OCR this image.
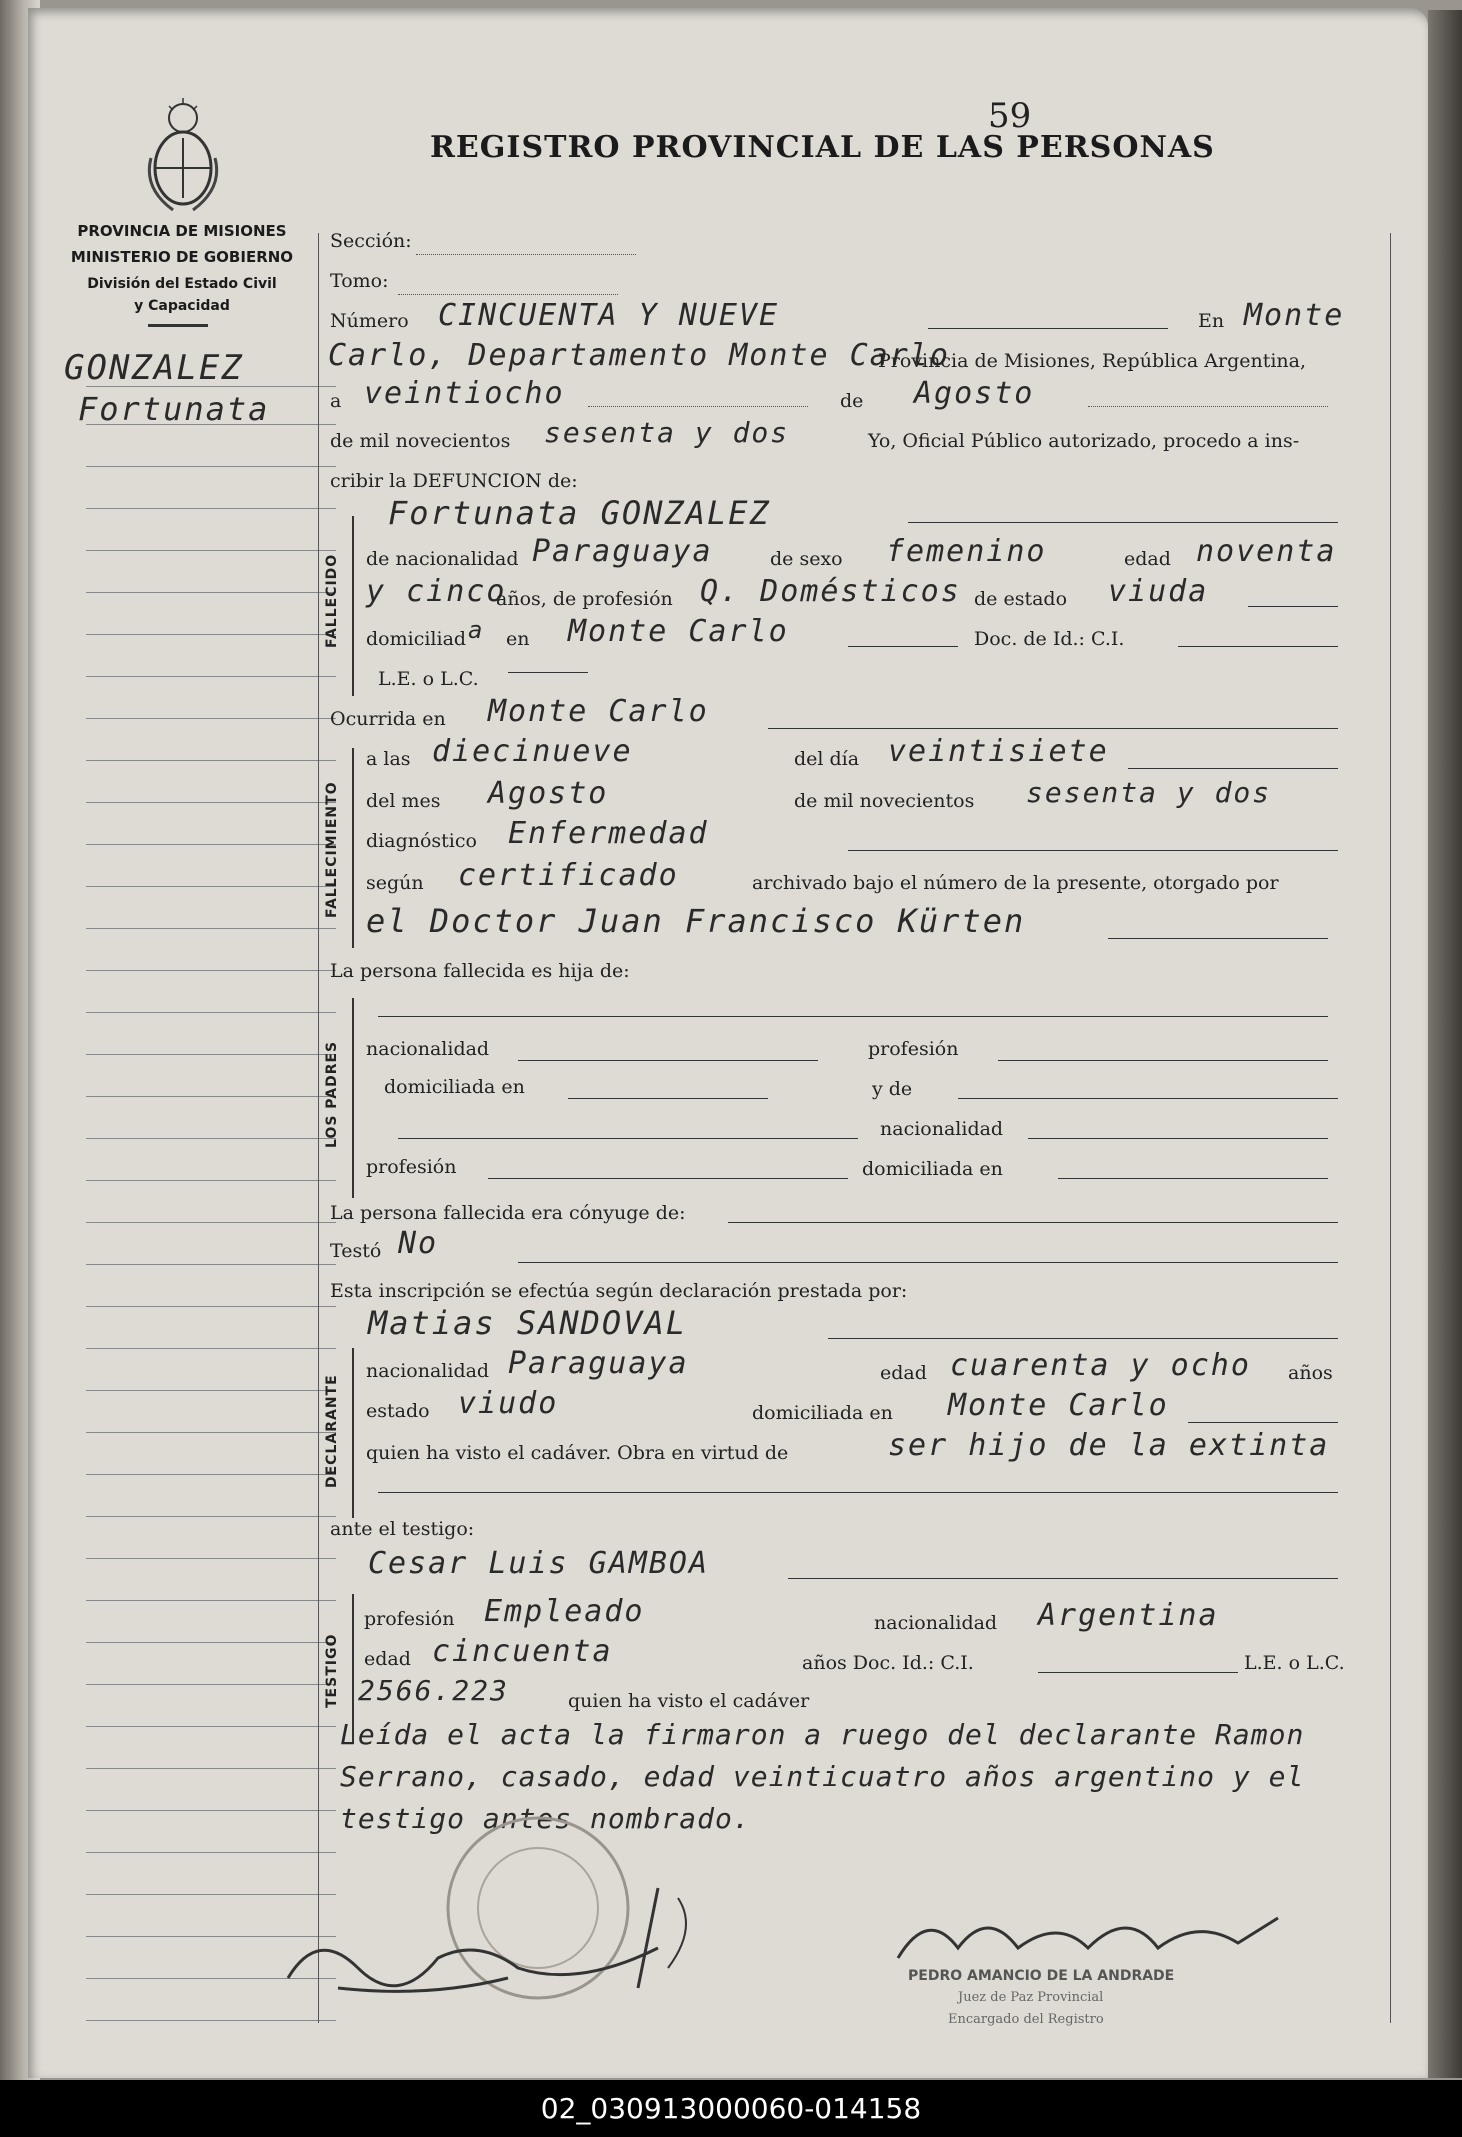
59
REGISTRO PROVINCIAL DE LAS PERSONAS
PROVINCIA DE MISIONES
MINISTERIO DE GOBIERNO
División del Estado Civil
y Capacidad
GONZALEZ
Fortunata
Sección:
Tomo:
Número CINCUENTA Y NUEVE	En Monte
Carlo, Departamento Monte Carlo
Provincia de Misiones, República Argentina,
a veintiocho	de Agosto
de mil novecientos sesenta y dos	Yo, Oficial Público autorizado, procedo a ins-
cribir la DEFUNCION de:
Fortunata GONZALEZ
FALLECIDO de nacionalidad Paraguaya	de sexo femenino	edad noventa
y cinco
años, de profesión Q. Domésticos de estado viuda
domiciliad a en Monte Carlo	Doc. de Id.: C.I.
L.E. o L.C.
Ocurrida en Monte Carlo
FALLECIMIENTO
a las diecinueve	del día veintisiete
del mes Agosto	de mil novecientos sesenta y dos
diagnóstico Enfermedad
según certificado	archivado bajo el número de la presente, otorgado por
el Doctor Juan Francisco Kürten
La persona fallecida es hija de:
LOS PADRES nacionalidad	profesión
domiciliada en	y de
nacionalidad
profesión	domiciliada en
La persona fallecida era cónyuge de:
Testó No
Esta inscripción se efectúa según declaración prestada por:
Matias SANDOVAL
DECLARANTE
nacionalidad Paraguaya	edad cuarenta y ocho años
estado viudo	domiciliada en Monte Carlo
quien ha visto el cadáver. Obra en virtud de	ser hijo de la extinta
ante el testigo:
Cesar Luis GAMBOA
TESTIGO
profesión Empleado	nacionalidad Argentina
edad cincuenta	años Doc. Id.: C.I.	L.E. o L.C.
2566.223	quien ha visto el cadáver
Leída el acta la firmaron a ruego del declarante Ramon
Serrano, casado, edad veinticuatro años argentino y el
testigo antes nombrado.
PEDRO AMANCIO DE LA ANDRADE
Juez de Paz Provincial
Encargado del Registro
02_030913000060-014158
